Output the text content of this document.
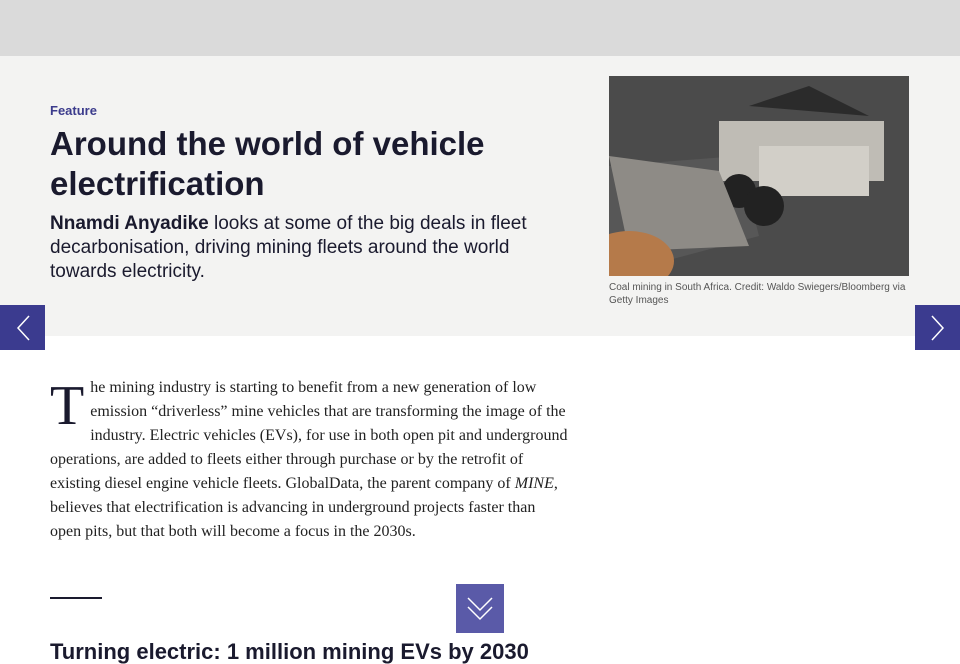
Feature
Around the world of vehicle electrification

Nnamdi Anyadike looks at some of the big deals in fleet decarbonisation, driving mining fleets around the world towards electricity.

Coal mining in South Africa. Credit: Waldo Swiegers/Bloomberg via Getty Images
The mining industry is starting to benefit from a new generation of low emission “driverless” mine vehicles that are transforming the image of the industry. Electric vehicles (EVs), for use in both open pit and underground operations, are added to fleets either through purchase or by the retrofit of existing diesel engine vehicle fleets. GlobalData, the parent company of MINE, believes that electrification is advancing in underground projects faster than open pits, but that both will become a focus in the 2030s.
Turning electric: 1 million mining EVs by 2030
